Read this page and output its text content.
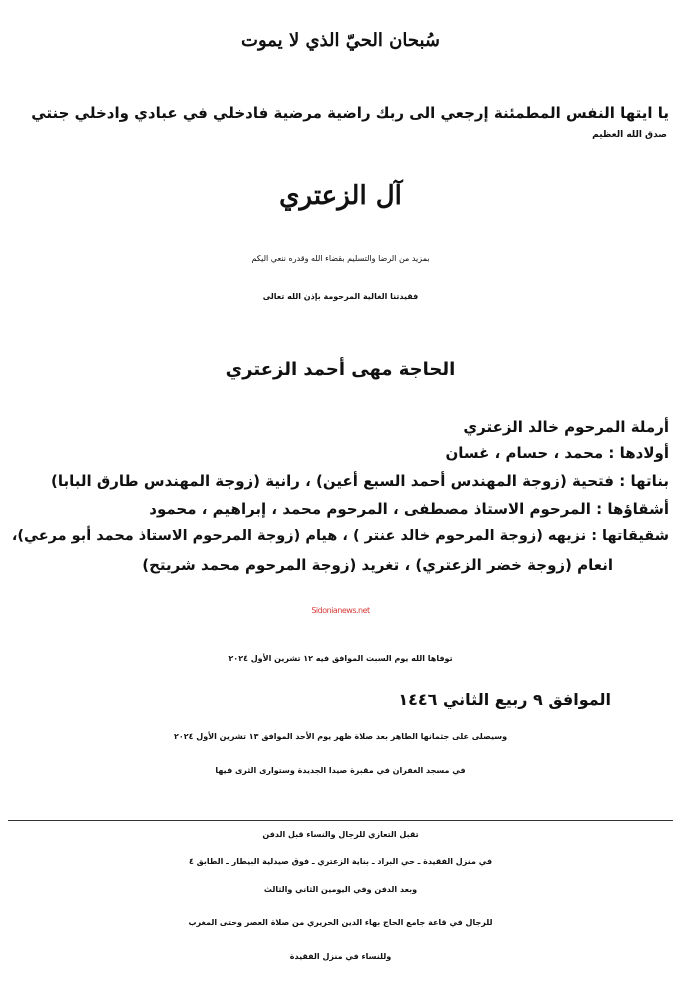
سُبحان الحيّ الذي لا يموت
يا ايتها النفس المطمئنة إرجعي الى ربك راضية مرضية فادخلي في عبادي وادخلي جنتي
صدق الله العظيم
آل الزعتري
بمزيد من الرضا والتسليم بقضاء الله وقدره ننعي اليكم
فقيدتنا الغالية المرحومة بإذن الله تعالى
الحاجة مهى أحمد الزعتري
أرملة المرحوم خالد الزعتري
أولادها : محمد ، حسام ، غسان
بناتها : فتحية (زوجة المهندس أحمد السبع أعين) ، رانية (زوجة المهندس طارق البابا)
أشقاؤها : المرحوم الاستاذ مصطفى ، المرحوم محمد ، إبراهيم ، محمود
شقيقاتها : نزيهه (زوجة المرحوم خالد عنتر ) ، هيام (زوجة المرحوم الاستاذ محمد أبو مرعي)،
انعام (زوجة خضر الزعتري) ، تغريد (زوجة المرحوم محمد شريتح)
Sidonianews.net
توفاها الله يوم السبت الموافق فيه ١٢ تشرين الأول ٢٠٢٤
الموافق ٩ ربيع الثاني ١٤٤٦
وسيصلى على جثمانها الطاهر بعد صلاة ظهر يوم الأحد الموافق ١٣ تشرين الأول ٢٠٢٤
في مسجد الغفران في مقبرة صيدا الجديدة وستوارى الثرى فيها
تقبل التعازي للرجال والنساء قبل الدفن
في منزل الفقيدة ـ حي البراد ـ بناية الزعتري ـ فوق صيدلية البيطار ـ الطابق ٤
وبعد الدفن وفي اليومين الثاني والثالث
للرجال في قاعة جامع الحاج بهاء الدين الحريري من صلاة العصر وحتى المغرب
وللنساء في منزل الفقيدة
